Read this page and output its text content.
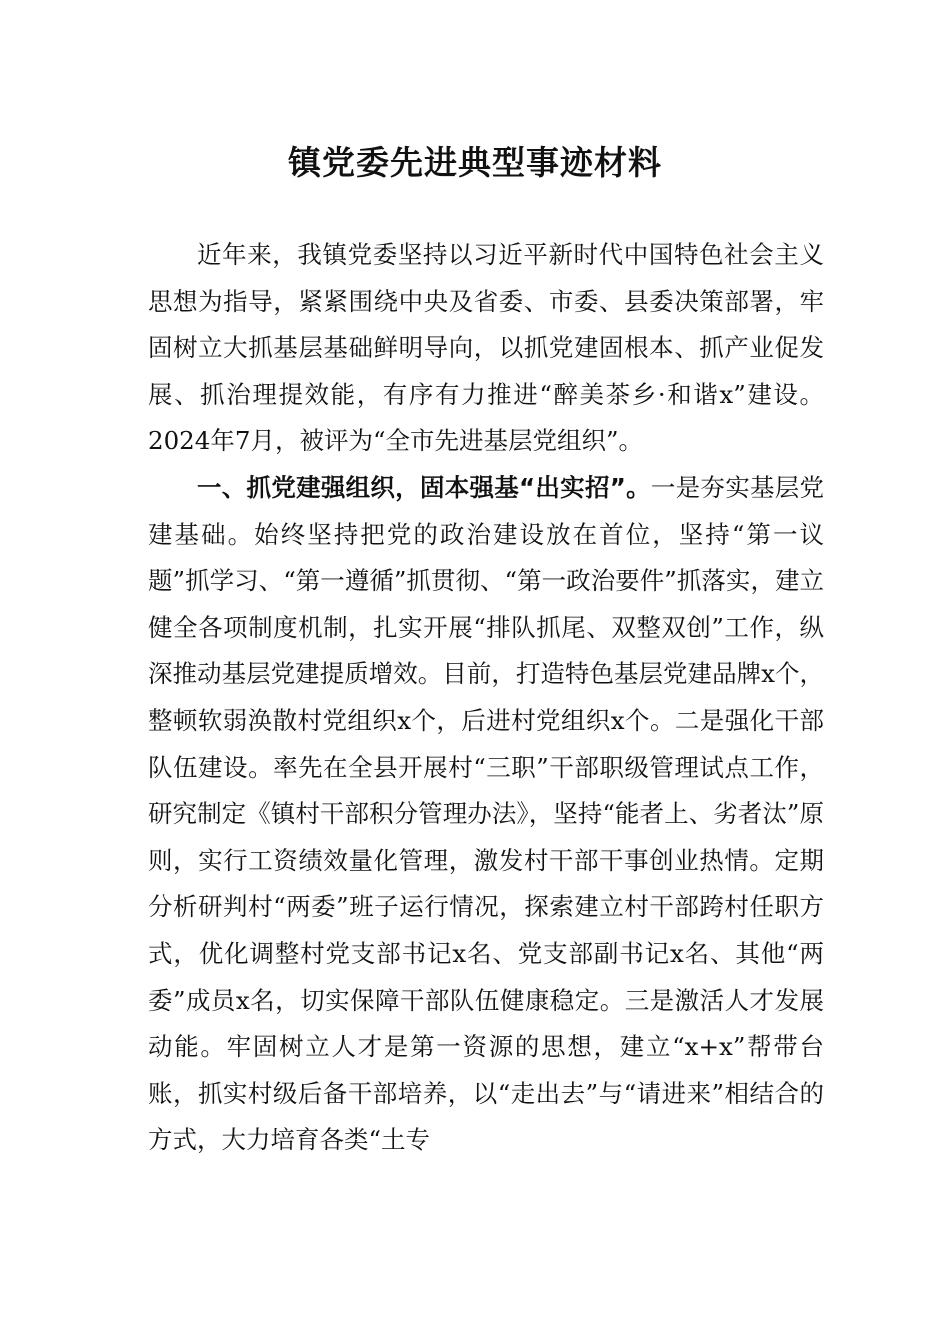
镇党委先进典型事迹材料

近年来，我镇党委坚持以习近平新时代中国特色社会主义思想为指导，紧紧围绕中央及省委、市委、县委决策部署，牢固树立大抓基层基础鲜明导向，以抓党建固根本、抓产业促发展、抓治理提效能，有序有力推进“醉美茶乡·和谐x”建设。2024年7月，被评为“全市先进基层党组织”。

一、抓党建强组织，固本强基“出实招”。一是夯实基层党建基础。始终坚持把党的政治建设放在首位，坚持“第一议题”抓学习、“第一遵循”抓贯彻、“第一政治要件”抓落实，建立健全各项制度机制，扎实开展“排队抓尾、双整双创”工作，纵深推动基层党建提质增效。目前，打造特色基层党建品牌x个，整顿软弱涣散村党组织x个，后进村党组织x个。二是强化干部队伍建设。率先在全县开展村“三职”干部职级管理试点工作，研究制定《镇村干部积分管理办法》，坚持“能者上、劣者汰”原则，实行工资绩效量化管理，激发村干部干事创业热情。定期分析研判村“两委”班子运行情况，探索建立村干部跨村任职方式，优化调整村党支部书记x名、党支部副书记x名、其他“两委”成员x名，切实保障干部队伍健康稳定。三是激活人才发展动能。牢固树立人才是第一资源的思想，建立“x+x”帮带台账，抓实村级后备干部培养，以“走出去”与“请进来”相结合的方式，大力培育各类“土专
